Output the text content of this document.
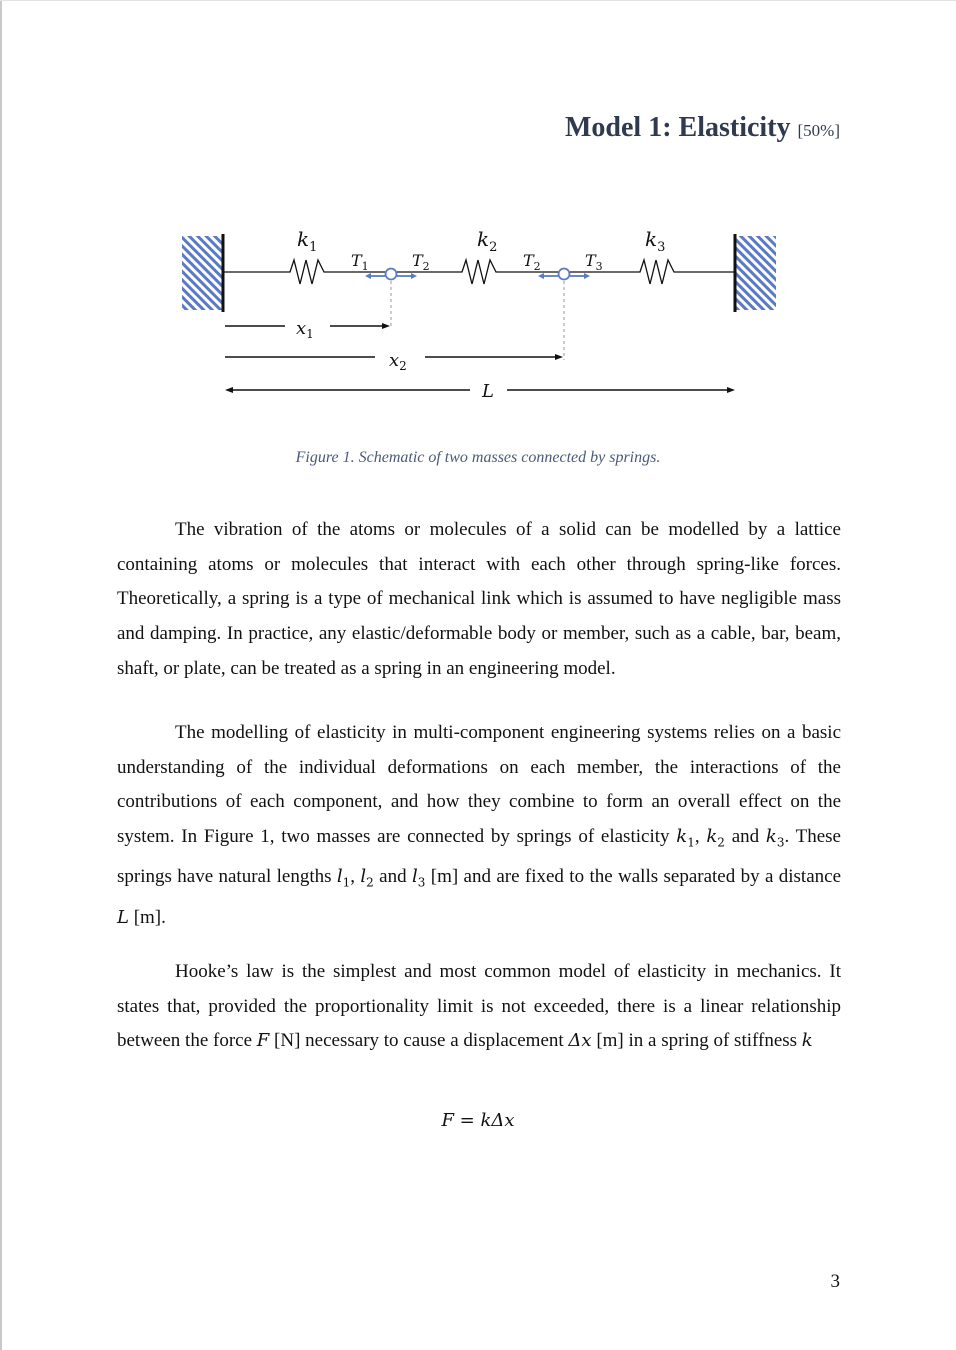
Model 1: Elasticity [50%]
$k_1$	$k_2$	$k_3$
$T_1$	$T_2$	$T_2$	$T_3$
$x_1$
$x_2$
L
Figure 1. Schematic of two masses connected by springs.

The vibration of the atoms or molecules of a solid can be modelled by a lattice containing atoms or molecules that interact with each other through spring-like forces. Theoretically, a spring is a type of mechanical link which is assumed to have negligible mass and damping. In practice, any elastic/deformable body or member, such as a cable, bar, beam, shaft, or plate, can be treated as a spring in an engineering model.

The modelling of elasticity in multi-component engineering systems relies on a basic understanding of the individual deformations on each member, the interactions of the contributions of each component, and how they combine to form an overall effect on the system. In Figure 1, two masses are connected by springs of elasticity $k_1$, $k_2$ and $k_3$. These springs have natural lengths $l_1$, $l_2$ and $l_3$ [m] and are fixed to the walls separated by a distance L [m].

Hooke’s law is the simplest and most common model of elasticity in mechanics. It states that, provided the proportionality limit is not exceeded, there is a linear relationship between the force F [N] necessary to cause a displacement Δx [m] in a spring of stiffness k

F = kΔx
3
